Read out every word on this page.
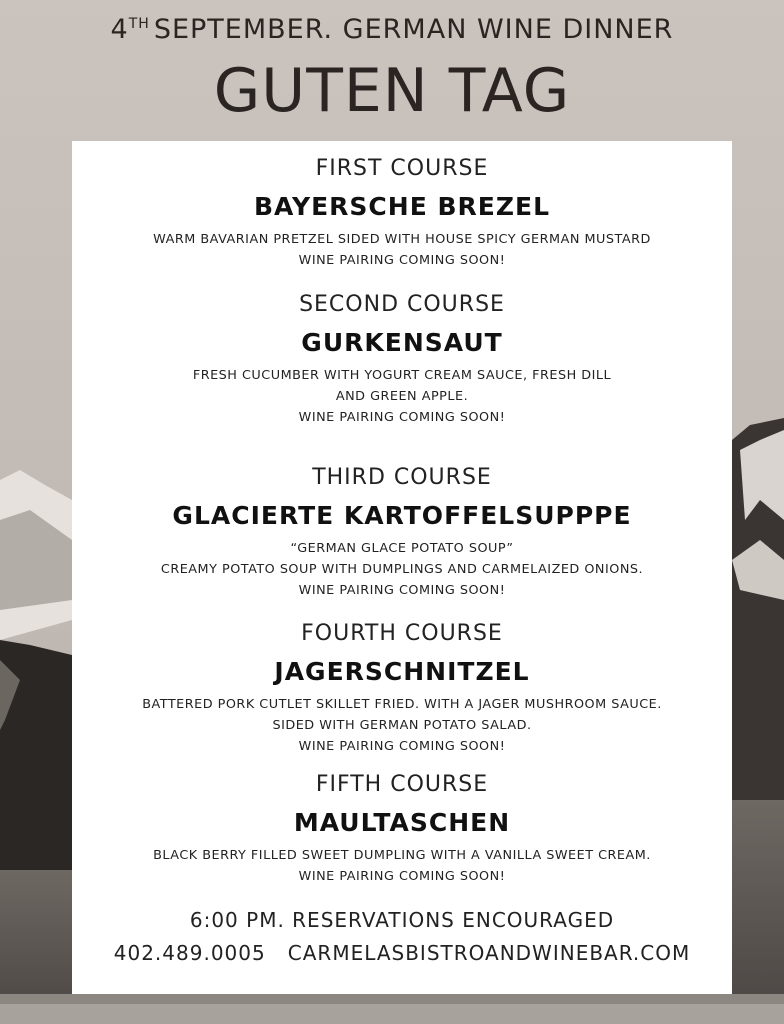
4TH SEPTEMBER. GERMAN WINE DINNER
GUTEN TAG
FIRST COURSE
BAYERSCHE BREZEL
WARM BAVARIAN PRETZEL SIDED WITH HOUSE SPICY GERMAN MUSTARD
WINE PAIRING COMING SOON!
SECOND COURSE
GURKENSAUT
FRESH CUCUMBER WITH YOGURT CREAM SAUCE, FRESH DILL
AND GREEN APPLE.
WINE PAIRING COMING SOON!
THIRD COURSE
GLACIERTE KARTOFFELSUPPPE
“GERMAN GLACE POTATO SOUP”
CREAMY POTATO SOUP WITH DUMPLINGS AND CARMELAIZED ONIONS.
WINE PAIRING COMING SOON!
FOURTH COURSE
JAGERSCHNITZEL
BATTERED PORK CUTLET SKILLET FRIED. WITH A JAGER MUSHROOM SAUCE.
SIDED WITH GERMAN POTATO SALAD.
WINE PAIRING COMING SOON!
FIFTH COURSE
MAULTASCHEN
BLACK BERRY FILLED SWEET DUMPLING WITH A VANILLA SWEET CREAM.
WINE PAIRING COMING SOON!
6:00 PM. RESERVATIONS ENCOURAGED
402.489.0005   CARMELASBISTROANDWINEBAR.COM
